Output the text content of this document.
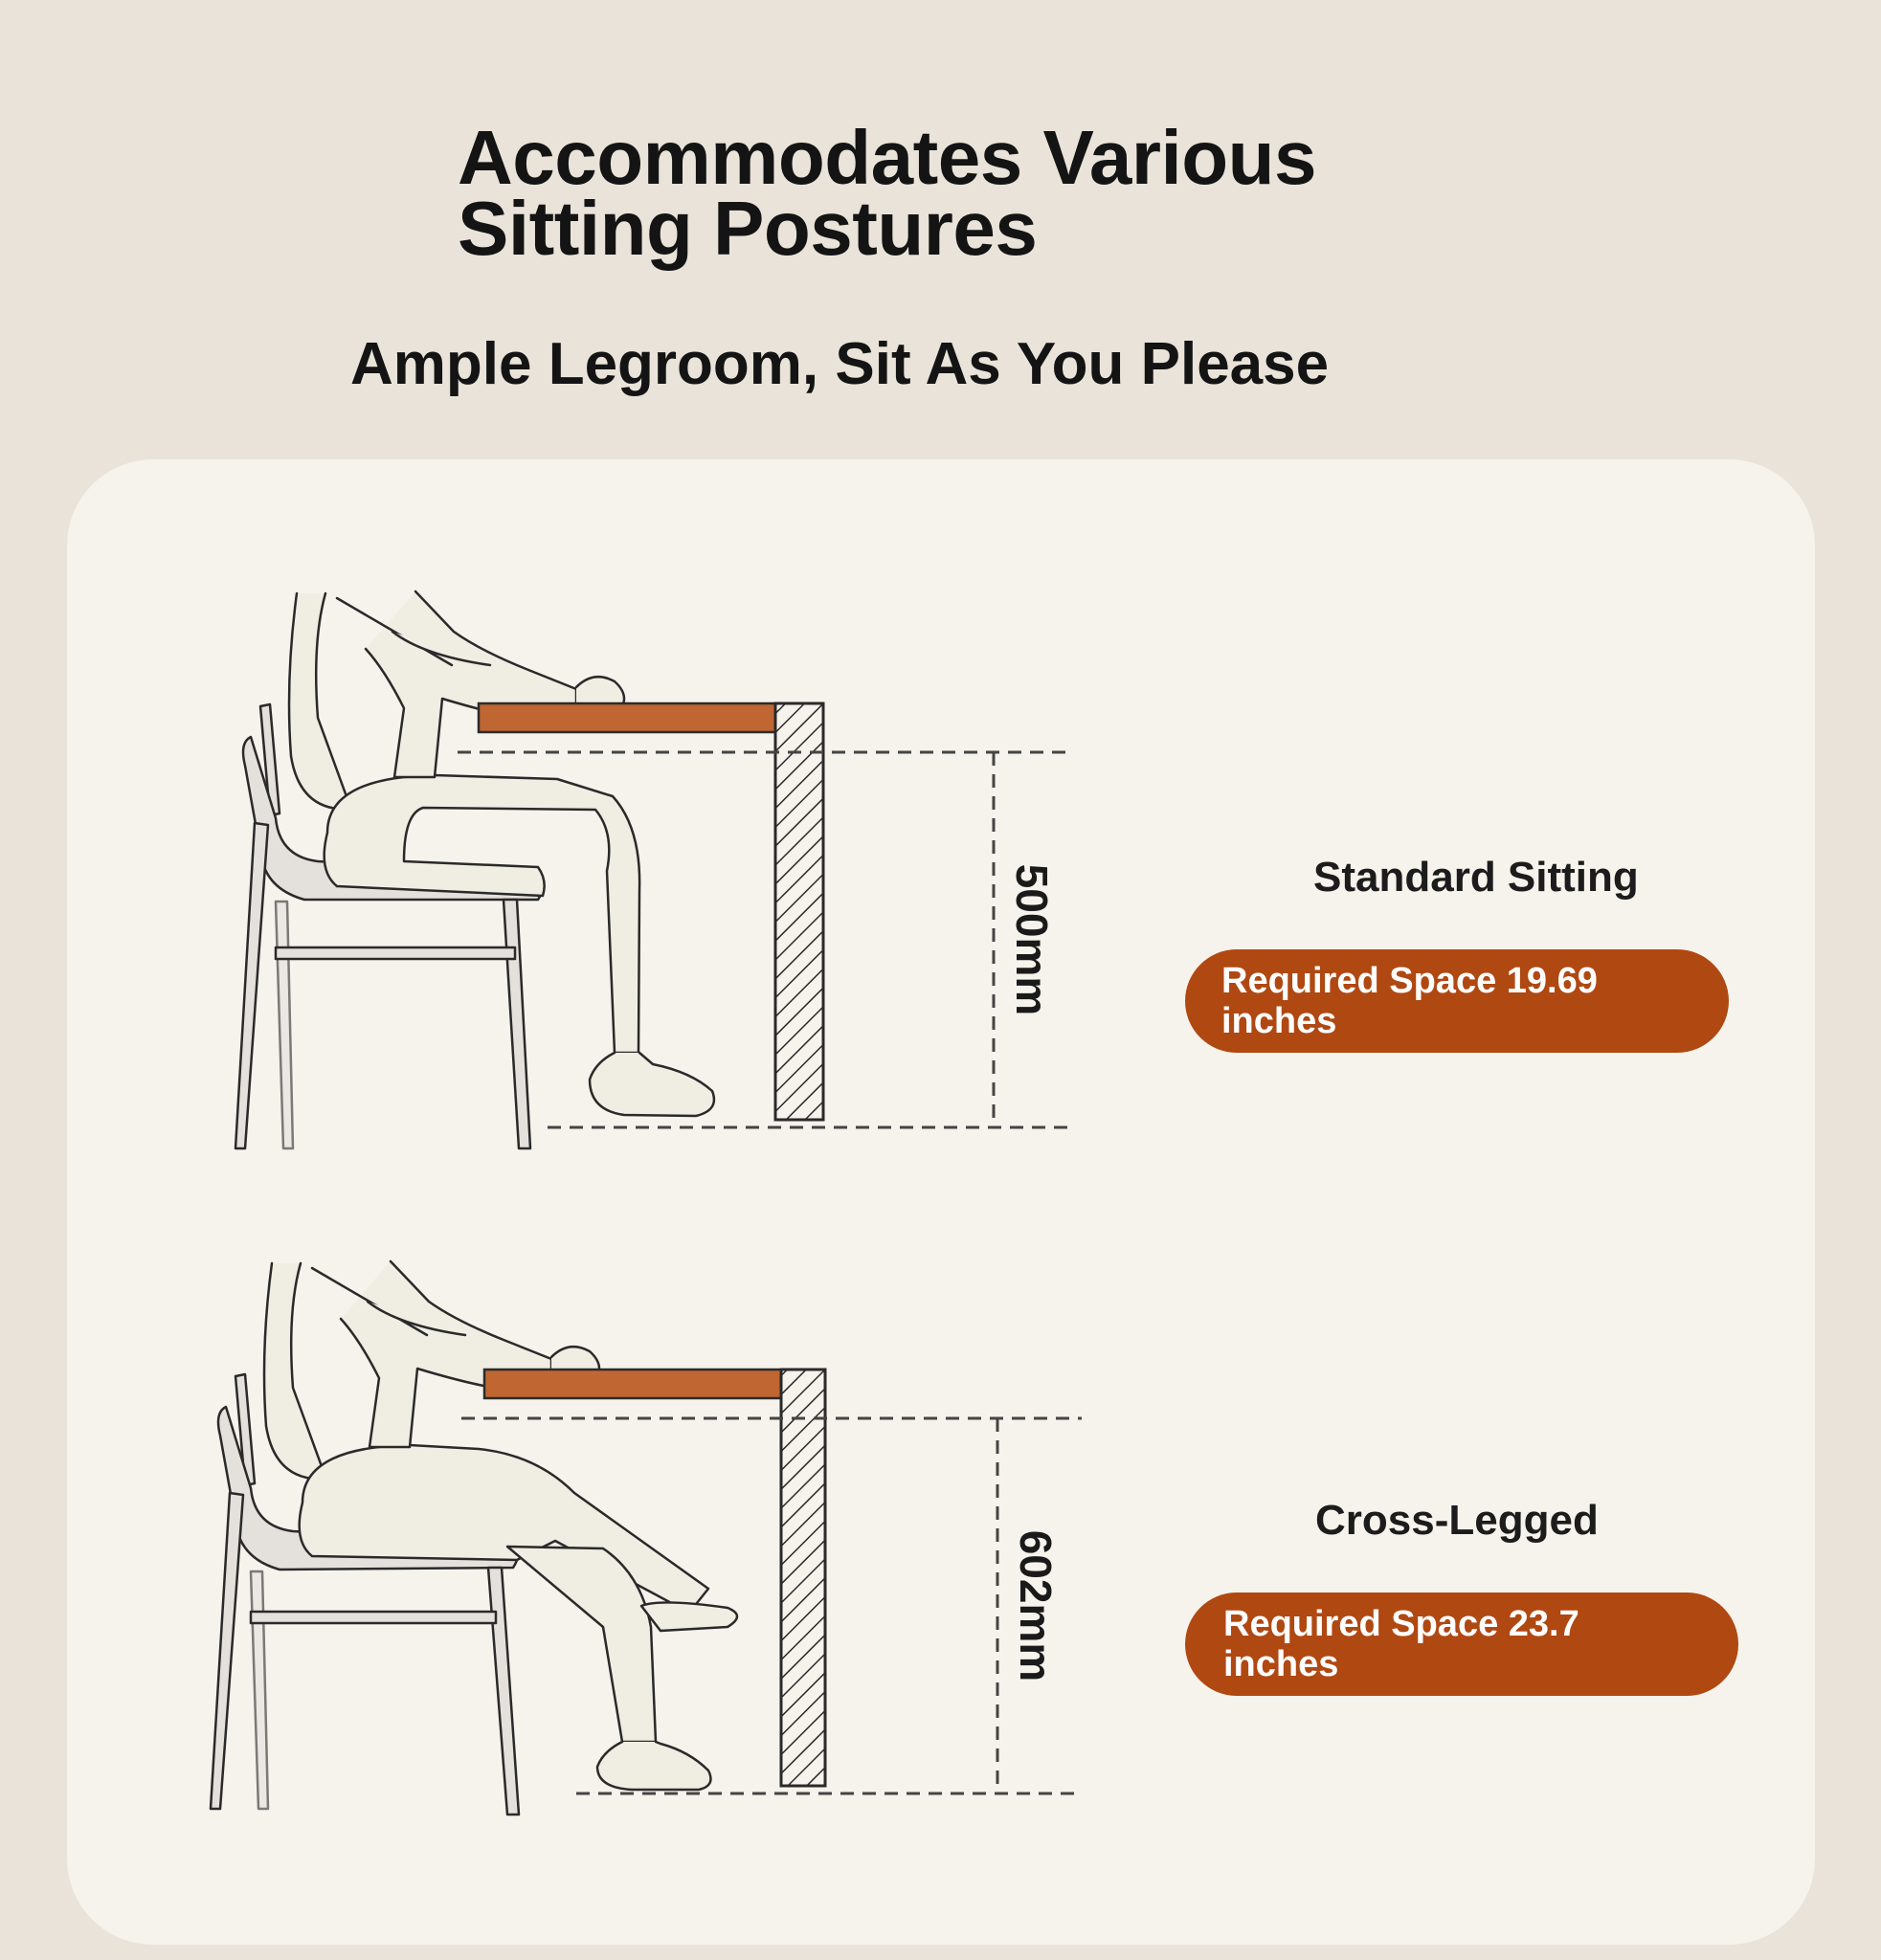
Accommodates Various
Sitting Postures
Ample Legroom, Sit As You Please
500mm
602mm

Standard Sitting

Required Space 19.69 inches

Cross-Legged

Required Space 23.7 inches
